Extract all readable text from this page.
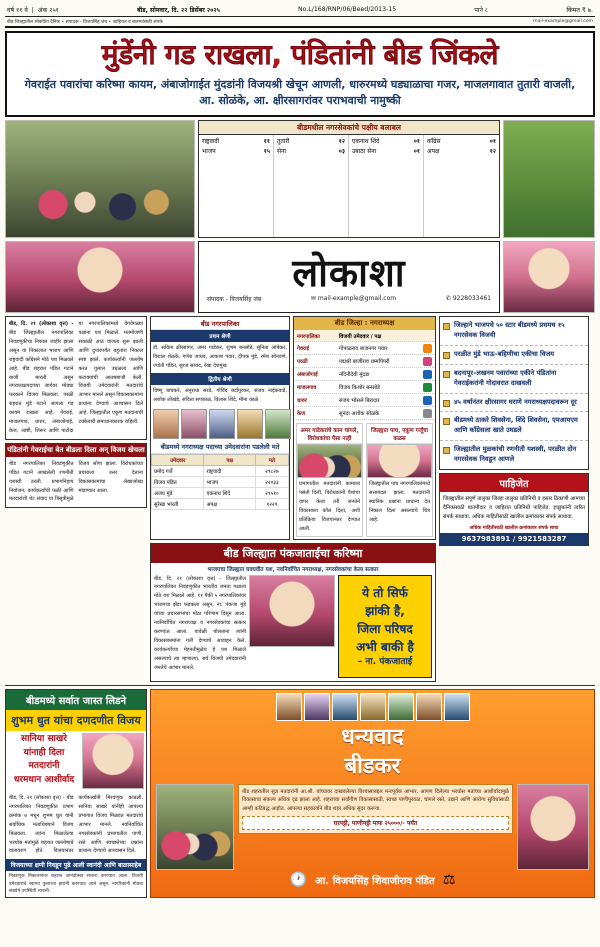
वर्ष ११ वे  |  अंक २५१	बीड, सोमवार, दि. २२ डिसेंबर २०२५	No.L/168/RNP/06/Beed/2013-15	पाने ८	किंमत ₹ ७.
बीड जिल्ह्यातील लोकप्रिय दैनिक • संपादक - विजयसिंह जंब • जाहिरात व बातम्यांसाठी संपर्क	mail-example@gmail.com
मुंडेंनी गड राखला, पंडितांनी बीड जिंकले
गेवराईत पवारांचा करिष्मा कायम, अंबाजोगाईत मुंदडांनी विजयश्री खेचून आणली, धारुरमध्ये घड्याळाचा गजर, माजलगावात तुतारी वाजली, आ. सोळंके, आ. क्षीरसागरांवर पराभवाची नामुष्की
बीडमधील नगरसेवकांचे पक्षीय बलाबल
राष्ट्रवादी	११
भाजप	१५
तुतारी	१२
सेना	०३
एकनाथ शिंदे	०१
उबाठा सेना	०१
काँग्रेस	०१
अपक्ष	१२
लोकाशा
संपादक - विजयसिंह जंब	✉ mail-example@gmail.com	✆ 9228033461
बीड, दि. २१ (लोकाशा वृत्त) - बीड जिल्ह्यातील नगरपालिका निवडणुकीचा निकाल जाहीर झाला असून या निकालात भाजप आणि राष्ट्रवादी काँग्रेसने मोठे यश मिळवले आहे. बीड शहरात पंडित गटाने बाजी मारली असून नगराध्यक्षपदाच्या जागेवर मोठ्या फरकाने विजय मिळवला. परळी शहरात मुंडे गटाने आपला गड कायम राखला आहे. गेवराई, माजलगाव, धारुर, अंबाजोगाई, केज, आष्टी, शिरूर आणि पाटोदा या नगरपालिकांमध्ये वेगवेगळ्या पक्षांना यश मिळाले. मतमोजणी सकाळी आठ वाजता सुरू झाली आणि दुपारपर्यंत बहुतांश निकाल स्पष्ट झाले. कार्यकर्त्यांनी जल्लोष करत गुलाल उधळला आणि फटाक्यांची आतषबाजी केली. विजयी उमेदवारांनी मतदारांचे आभार मानले असून विकासकामांना प्राधान्य देण्याचे आश्वासन दिले आहे. जिल्ह्यातील एकूण मतदानाची टक्केवारी समाधानकारक राहिली.
पंडितांनी गेवराईचा बेत बीडला दिला अन् विजय खेचला
बीड नगरपालिका निवडणुकीत पंडित गटाने आखलेली रणनीती यशस्वी ठरली. प्रभागनिहाय नियोजन, कार्यकर्त्यांची फळी आणि मतदारांशी थेट संवाद या त्रिसूत्रीमुळे विजय सोपा झाला. विरोधकांच्या प्रचाराला उत्तर देताना विकासकामांचा लेखाजोखा मांडण्यात आला.
बीड नगरपालिका
प्रथम श्रेणी
डॉ. सविता क्षीरसागर, अमर गाडेकर, शुभम बनसोडे, सुनिता आंबेकर, विशाल शेळके, गणेश जाधव, आकाश पवार, दीपक मुंडे, रमेश सोनवणे, ज्योती पंडित, सुरज सय्यद, रेखा देशमुख
द्वितीय श्रेणी
विष्णू बाचकरे, अनुराधा सरडे, गोविंद बर्दापूरकर, संजय नाईकवाडे, अशोक लोखंडे, सविता सपकाळ, विलास शिंदे, मीना काळे
बीडमध्ये नगराध्यक्ष पदाच्या उमेदवारांना पडलेली मते
उमेदवार	पक्ष	मते
प्रमोद गर्जे	राष्ट्रवादी	२९८२७
विजय पंडित	भाजप	२२०३३
अजय मुंडे	एकनाथ शिंदे	२९५१०
सुरेखा भारती	अपक्ष	९२२९
बीड जिल्हा : नगराध्यक्ष
नगरपालिका	विजयी उमेदवार / पक्ष
गेवराई	गोपाळराव बाजनगर पवार
परळी	पद्मश्री बाजीराव धम्मपिंपरी
अंबाजोगाई	नंदिनीदेवी मुंदडा
माजलगाव	विजय किशोर बनसोडे
धारुर	संजय भोसले बिरादार
केज	सुनंदा अशोक सोळंके
अमर गाडेकरांचे काम चांगले, विरोधकांचा पैसा नाही
प्रभागातील मतदारांनी कामाला पसंती दिली. विरोधकांनी पैशांचा वापर केला तरी जनतेने विकासाला कौल दिला, अशी प्रतिक्रिया विजयानंतर देण्यात आली.
जिल्ह्यात पाच, एकूण गर्जूंचा कळस
जिल्ह्यातील पाच नगरपालिकांमध्ये सत्ताबदल झाला. मतदारांनी स्थानिक प्रश्नांना प्राधान्य देत निकाल दिला असल्याचे चित्र आहे.
बीड जिल्ह्यात पंकजाताईंचा करिष्मा
भाजपचा जिल्ह्यात घवघवीत यश, नवनिर्वाचित नगराध्यक्ष, नगरसेवकांचा केला सत्कार
बीड, दि. २१ (लोकाशा वृत्त) - जिल्ह्यातील नगरपालिका निवडणुकीत भारतीय जनता पक्षाला मोठे यश मिळाले आहे. ११ पैकी ५ नगरपालिकांवर भाजपचा झेंडा फडकला असून, ना. पंकजा मुंडे यांच्या प्रचारसभांचा मोठा परिणाम दिसून आला. नवनिर्वाचित नगराध्यक्ष व नगरसेवकांचा सत्कार करण्यात आला. यावेळी बोलताना त्यांनी विकासकामांना गती देण्याचे आवाहन केले. कार्यकर्त्यांच्या मेहनतीमुळेच हे यश मिळाले असल्याचे त्या म्हणाल्या. सर्व विजयी उमेदवारांनी जनतेचे आभार मानले.
ये तो सिर्फ
झांकी है,
जिला परिषद
अभी बाकी है
– ना. पंकजाताई
जिल्हाने भाजपचे ५० स्टार बीडमध्ये प्रथमच १५ नगरसेवक विजयी
परळीत मुंडे भाऊ–बहिणीचा एकीचा विजय
बदनापूर–लखनम पवारांच्या एकीने पंडितांना गेवराईकरांनी गोदावरात दाखवली
४५ वर्षानंतर क्षीरसागर घराणे नगराध्यक्षपदावरून दूर
बीडमध्ये ठाकरे शिवसेना, शिंदे शिवसेना, एमआयएम आणि काँग्रेसला खाते उघडले
जिल्ह्यातील मुळकांची रणनीती यशस्वी, परळीत दोन नगरसेवक निवडून आणले
पाहिजेत
जिल्ह्यातील संपूर्ण तालुका जिल्हा तालुका प्रतिनिधी व हस्तर ठिकाणी आमच्या दैनिकासाठी बातमीदार व जाहिरात प्रतिनिधी पाहिजेत. इच्छुकांनी त्वरित संपर्क साधावा. अधिक माहितीसाठी खालील क्रमांकावर संपर्क साधावा.
अधिक माहितीसाठी खालील क्रमांकावर संपर्क साधा
9637983891 / 9921583287
बीडमध्ये सर्वात जास्त लिडने
शुभम धुत यांचा दणदणीत विजय
सानिया साखरे
यांनाही दिला
मतदारांनी
धरमधान आशीर्वाद
बीड, दि. २१ (लोकाशा वृत्त) - बीड नगरपालिका निवडणुकीत प्रभाग क्रमांक ७ मधून शुभम धुत यांनी सर्वाधिक मताधिक्याने विजय मिळवला. त्यांना मिळालेल्या भरघोस मतांमुळे शहरात जल्लोषाचे वातावरण होते. विजयानंतर कार्यकर्त्यांनी मिरवणूक काढली. सानिया साखरे यांनीही आपल्या प्रभागात विजय मिळवत मतदारांचे आभार मानले. नवनिर्वाचित नगरसेवकांनी प्रभागातील पाणी, रस्ते आणि स्वच्छतेच्या प्रश्नांना प्राधान्य देण्याचे आश्वासन दिले.
विजयाच्या क्षणी निवडून पुढे आली स्वानंदी आणि बाळासाहेब
निवडणूक निकालानंतर शहरात आनंदोत्सव साजरा करण्यात आला. विजयी उमेदवारांचे स्वागत फुलांच्या हारांनी करण्यात आले असून, नागरिकांनी मोठ्या संख्येने उपस्थिती लावली.
धन्यवाद
बीडकर
बीड शहरातील सुज्ञ मतदारांनी आ.श्री. यांच्यावर दाखवलेल्या विश्वासाबद्दल मनःपूर्वक आभार. आपण दिलेल्या भरघोस मतांच्या आशीर्वादामुळे विकासाचा संकल्प अधिक दृढ झाला आहे. शहराच्या सर्वांगीण विकासासाठी, स्वच्छ पाणीपुरवठा, चांगले रस्ते, उद्याने आणि आरोग्य सुविधांसाठी आम्ही कटिबद्ध आहोत. आपल्या सहकार्याने बीड शहर अधिक सुंदर करूया.
घरपट्टी, पाणीपट्टी माफ २५०००/- पर्यंत
🕐 आ. विजयसिंह शिवाजीराव पंडित ⚖
